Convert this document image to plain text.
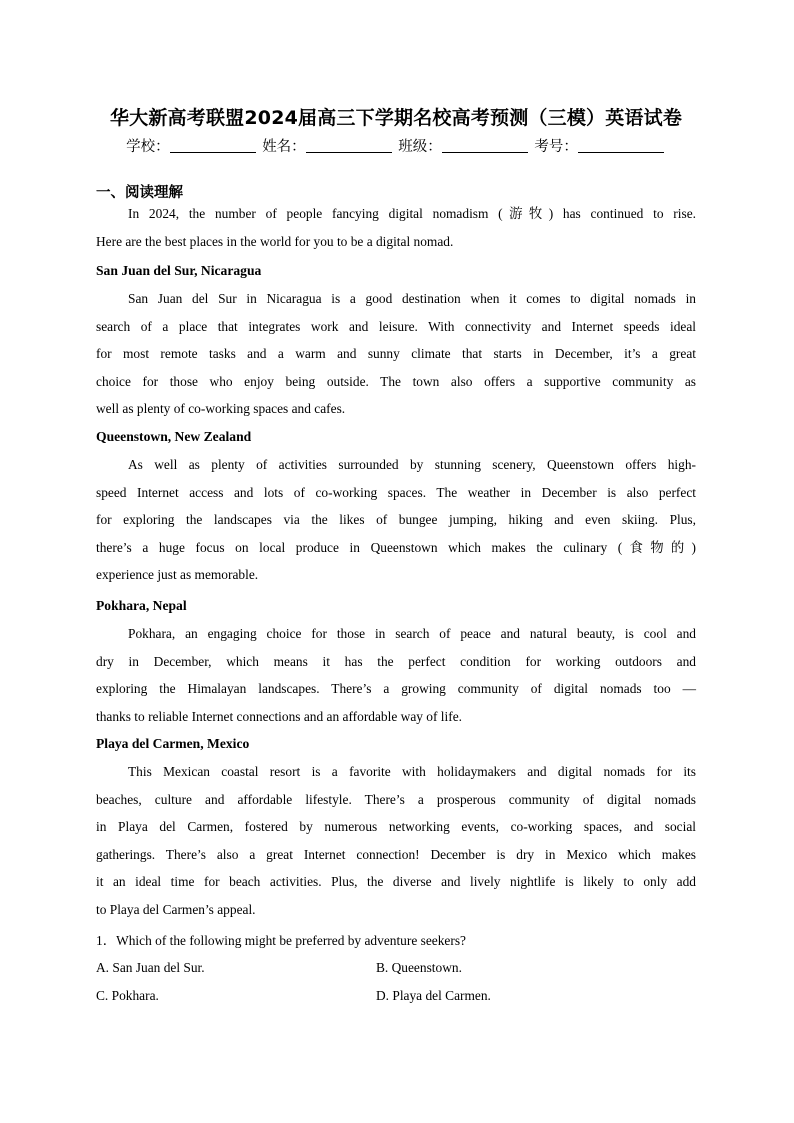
华大新高考联盟2024届高三下学期名校高考预测（三模）英语试卷
学校：	姓名：	班级：	考号：
一、阅读理解
In 2024, the number of people fancying digital nomadism (游牧) has continued to rise.
Here are the best places in the world for you to be a digital nomad.
San Juan del Sur, Nicaragua
San Juan del Sur in Nicaragua is a good destination when it comes to digital nomads in
search of a place that integrates work and leisure. With connectivity and Internet speeds ideal
for most remote tasks and a warm and sunny climate that starts in December, it’s a great
choice for those who enjoy being outside. The town also offers a supportive community as
well as plenty of co-working spaces and cafes.
Queenstown, New Zealand
As well as plenty of activities surrounded by stunning scenery, Queenstown offers high-
speed Internet access and lots of co-working spaces. The weather in December is also perfect
for exploring the landscapes via the likes of bungee jumping, hiking and even skiing. Plus,
there’s a huge focus on local produce in Queenstown which makes the culinary (食物的)
experience just as memorable.
Pokhara, Nepal
Pokhara, an engaging choice for those in search of peace and natural beauty, is cool and
dry in December, which means it has the perfect condition for working outdoors and
exploring the Himalayan landscapes. There’s a growing community of digital nomads too —
thanks to reliable Internet connections and an affordable way of life.
Playa del Carmen, Mexico
This Mexican coastal resort is a favorite with holidaymakers and digital nomads for its
beaches, culture and affordable lifestyle. There’s a prosperous community of digital nomads
in Playa del Carmen, fostered by numerous networking events, co-working spaces, and social
gatherings. There’s also a great Internet connection! December is dry in Mexico which makes
it an ideal time for beach activities. Plus, the diverse and lively nightlife is likely to only add
to Playa del Carmen’s appeal.
1．Which of the following might be preferred by adventure seekers?
A. San Juan del Sur.	B. Queenstown.
C. Pokhara.	D. Playa del Carmen.
